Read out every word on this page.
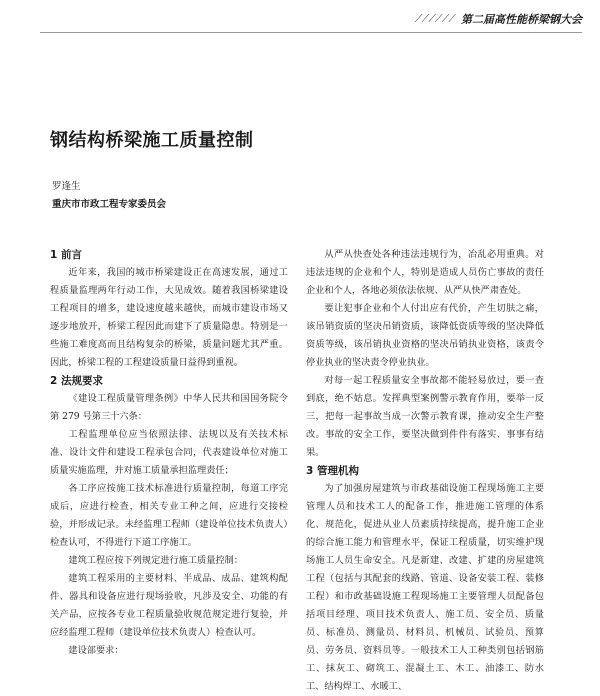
⟋⟋⟋⟋⟋⟋ 第二届高性能桥梁钢大会
钢结构桥梁施工质量控制
罗逢生
重庆市市政工程专家委员会
1 前言

近年来，我国的城市桥梁建设正在高速发展，通过工程质量监理两年行动工作，大见成效。随着我国桥梁建设工程项目的增多，建设速度越来越快，而城市建设市场又逐步地放开，桥梁工程因此而建下了质量隐患。特别是一些施工难度高而且结构复杂的桥梁，质量问题尤其严重。因此，桥梁工程的工程建设质量日益得到重视。

2 法规要求

《建设工程质量管理条例》中华人民共和国国务院令第 279 号第三十六条：

工程监理单位应当依照法律、法规以及有关技术标准、设计文件和建设工程承包合同，代表建设单位对施工质量实施监理，并对施工质量承担监理责任；

各工序应按施工技术标准进行质量控制，每道工序完成后，应进行检查，相关专业工种之间，应进行交接检验，并形成记录。未经监理工程师（建设单位技术负责人）检查认可，不得进行下道工序施工。

建筑工程应按下列规定进行施工质量控制：

建筑工程采用的主要材料、半成品、成品、建筑构配件、器具和设备应进行现场验收，凡涉及安全、功能的有关产品，应按各专业工程质量验收规范规定进行复验，并应经监理工程师（建设单位技术负责人）检查认可。

建设部要求：

从严从快查处各种违法违规行为，冶乱必用重典。对违法违规的企业和个人，特别是造成人员伤亡事故的责任企业和个人，各地必须依法依规、从严从快严肃查处。

要让犯事企业和个人付出应有代价，产生切肤之痛，该吊销资质的坚决吊销资质，该降低资质等级的坚决降低资质等级，该吊销执业资格的坚决吊销执业资格，该责令停业执业的坚决责令停业执业。

对每一起工程质量安全事故都不能轻易放过，要一查到底，绝不姑息。发挥典型案例警示教育作用，要举一反三，把每一起事故当成一次警示教育课，推动安全生产整改。事故的安全工作，要坚决做到件件有落实、事事有结果。

3 管理机构

为了加强房屋建筑与市政基础设施工程现场施工主要管理人员和技术工人的配备工作，推进施工管理的体系化、规范化，促进从业人员素质持续提高，提升施工企业的综合施工能力和管理水平，保证工程质量，切实维护现场施工人员生命安全。凡是新建、改建、扩建的房屋建筑工程（包括与其配套的线路、管道、设备安装工程、装修工程）和市政基础设施工程现场施工主要管理人员配备包括项目经理、项目技术负责人、施工员、安全员、质量员、标准员、测量员、材料员、机械员、试验员、预算员、劳务员、资料员等。一般技术工人工种类别包括钢筋工、抹灰工、砌筑工、混凝土工、木工、油漆工、防水工、结构焊工、水暖工、
